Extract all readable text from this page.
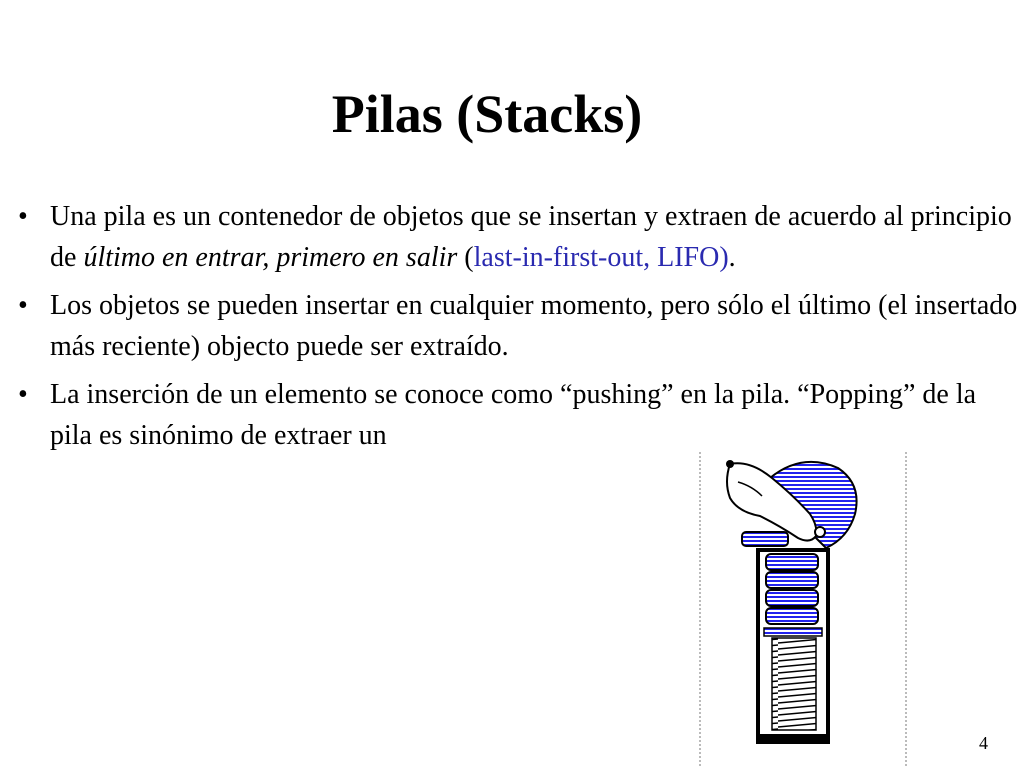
Pilas (Stacks)
• Una pila es un contenedor de objetos que se insertan y extraen de acuerdo al principio de último en entrar, primero en salir (last-in-first-out, LIFO).
• Los objetos se pueden insertar en cualquier momento, pero sólo el último (el insertado más reciente) objecto puede ser extraído.
• La inserción de un elemento se conoce como “pushing” en la pila. “Popping” de la pila es sinónimo de extraer un
4
